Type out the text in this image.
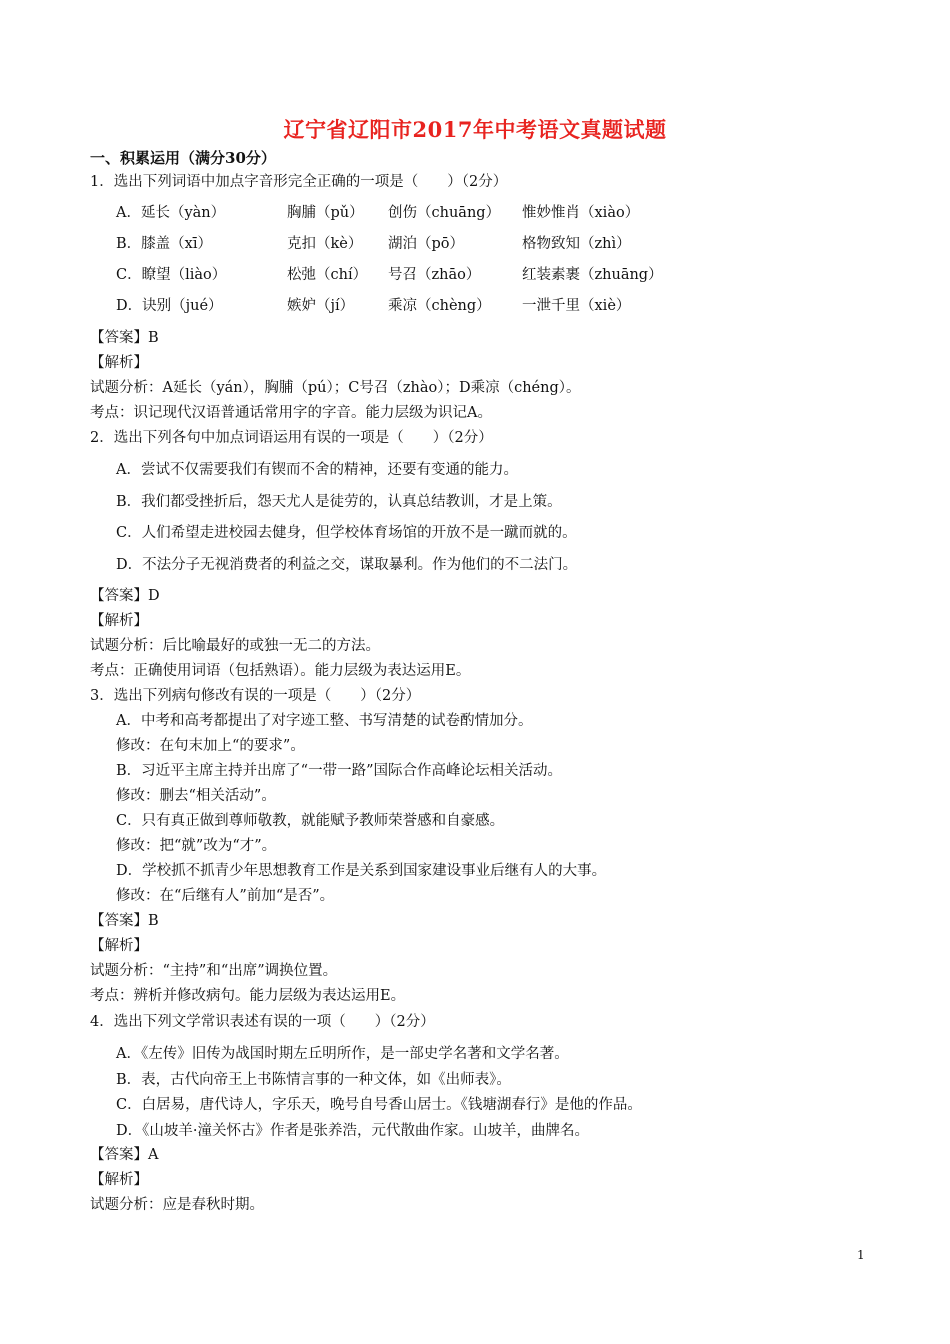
辽宁省辽阳市2017年中考语文真题试题
一、积累运用（满分30分）
1．选出下列词语中加点字音形完全正确的一项是（　　）（2分）
A．延长（yàn）	胸脯（pǔ） 创伤（chuāng） 惟妙惟肖（xiào）
B．膝盖（xī）	克扣（kè） 湖泊（pō）	格物致知（zhì）
C．瞭望（liào）	松弛（chí） 号召（zhāo）	红装素裹（zhuāng）
D．诀别（jué）	嫉妒（jí） 乘凉（chèng） 一泄千里（xiè）
【答案】B
【解析】
试题分析：A延长（yán），胸脯（pú）；C号召（zhào）；D乘凉（chéng）。
考点：识记现代汉语普通话常用字的字音。能力层级为识记A。
2．选出下列各句中加点词语运用有误的一项是（　　）（2分）
A．尝试不仅需要我们有锲而不舍的精神，还要有变通的能力。
B．我们都受挫折后，怨天尤人是徒劳的，认真总结教训，才是上策。
C．人们希望走进校园去健身，但学校体育场馆的开放不是一蹴而就的。
D．不法分子无视消费者的利益之交，谋取暴利。作为他们的不二法门。
【答案】D
【解析】
试题分析：后比喻最好的或独一无二的方法。
考点：正确使用词语（包括熟语）。能力层级为表达运用E。
3．选出下列病句修改有误的一项是（　　）（2分）
A．中考和高考都提出了对字迹工整、书写清楚的试卷酌情加分。
修改：在句末加上“的要求”。
B．习近平主席主持并出席了“一带一路”国际合作高峰论坛相关活动。
修改：删去“相关活动”。
C．只有真正做到尊师敬教，就能赋予教师荣誉感和自豪感。
修改：把“就”改为“才”。
D．学校抓不抓青少年思想教育工作是关系到国家建设事业后继有人的大事。
修改：在“后继有人”前加“是否”。
【答案】B
【解析】
试题分析：“主持”和“出席”调换位置。
考点：辨析并修改病句。能力层级为表达运用E。
4．选出下列文学常识表述有误的一项（　　）（2分）
A．《左传》旧传为战国时期左丘明所作，是一部史学名著和文学名著。
B．表，古代向帝王上书陈情言事的一种文体，如《出师表》。
C．白居易，唐代诗人，字乐天，晚号自号香山居士。《钱塘湖春行》是他的作品。
D．《山坡羊·潼关怀古》作者是张养浩，元代散曲作家。山坡羊，曲牌名。
【答案】A
【解析】
试题分析：应是春秋时期。
1
